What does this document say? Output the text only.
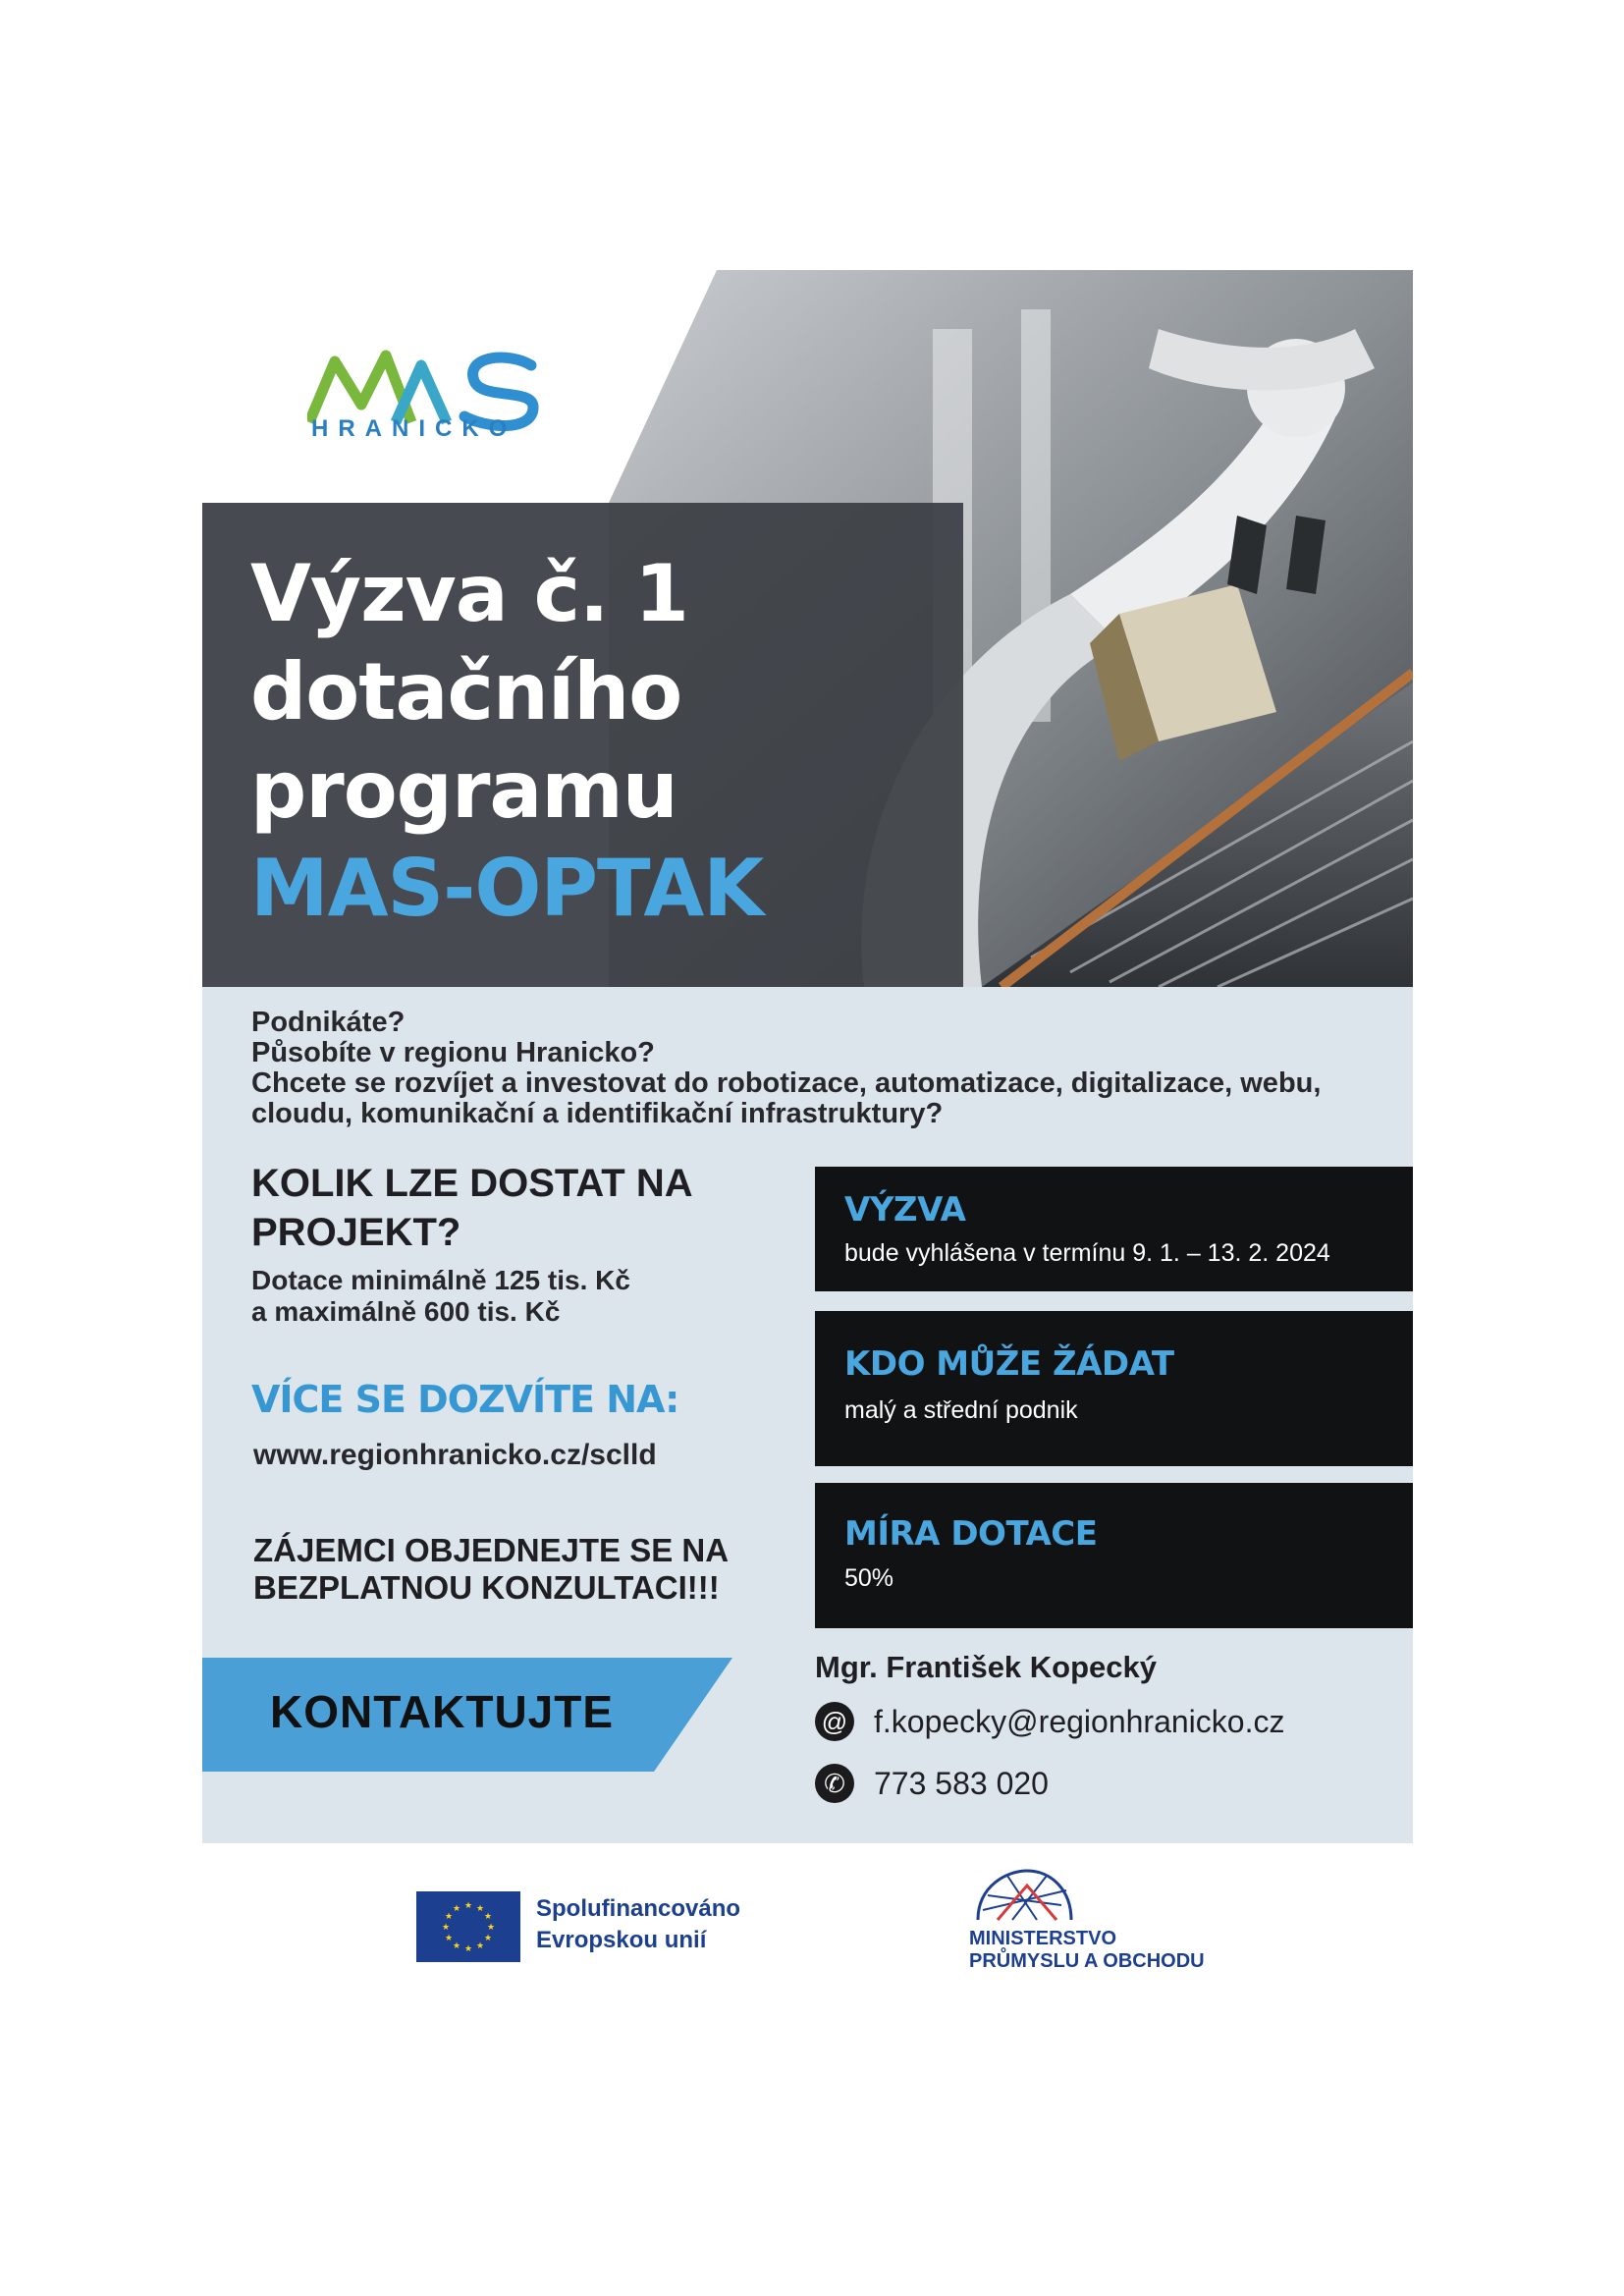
HRANICKO
Výzva č. 1
dotačního
programu
MAS-OPTAK
Podnikáte?
Působíte v regionu Hranicko?
Chcete se rozvíjet a investovat do robotizace, automatizace, digitalizace, webu,
cloudu, komunikační a identifikační infrastruktury?
KOLIK LZE DOSTAT NA PROJEKT?
Dotace minimálně 125 tis. Kč
a maximálně 600 tis. Kč
VÍCE SE DOZVÍTE NA:
www.regionhranicko.cz/sclld
ZÁJEMCI OBJEDNEJTE SE NA
BEZPLATNOU KONZULTACI!!!
KONTAKTUJTE
VÝZVA
bude vyhlášena v termínu 9. 1. – 13. 2. 2024
KDO MŮŽE ŽÁDAT
malý a střední podnik
MÍRA DOTACE
50%
Mgr. František Kopecký
@ f.kopecky@regionhranicko.cz
✆ 773 583 020
★ ★
★
★
★
★
★
★
★
★
★
★	Spolufinancováno
Evropskou unií	MINISTERSTVO
PRŮMYSLU A OBCHODU
